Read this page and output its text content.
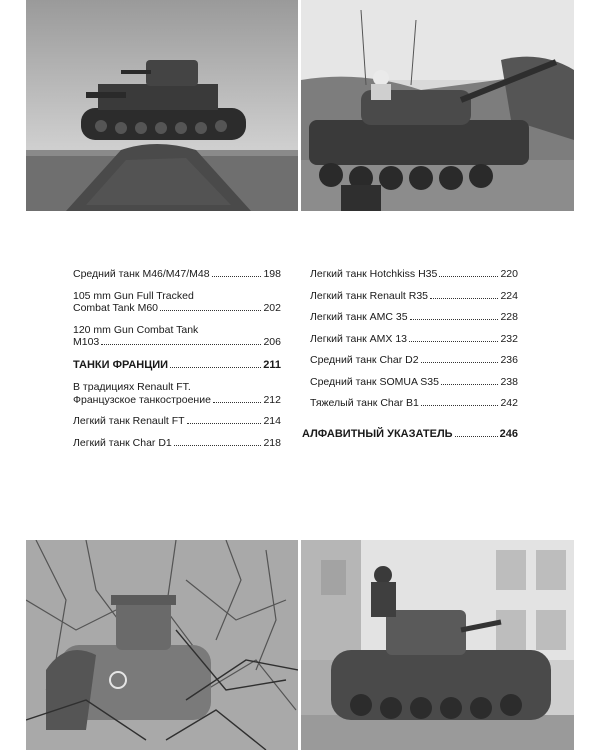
Средний танк M46/M47/M48	198
105 mm Gun Full Tracked
Combat Tank M60	202
120 mm Gun Combat Tank
M103	206
ТАНКИ ФРАНЦИИ	211
В традициях Renault FT.
Французское танкостроение	212
Легкий танк Renault FT	214
Легкий танк Char D1	218
Легкий танк Hotchkiss H35	220
Легкий танк Renault R35	224
Легкий танк AMC 35	228
Легкий танк AMX 13	232
Средний танк Char D2	236
Средний танк SOMUA S35	238
Тяжелый танк Char B1	242
АЛФАВИТНЫЙ УКАЗАТЕЛЬ	246
